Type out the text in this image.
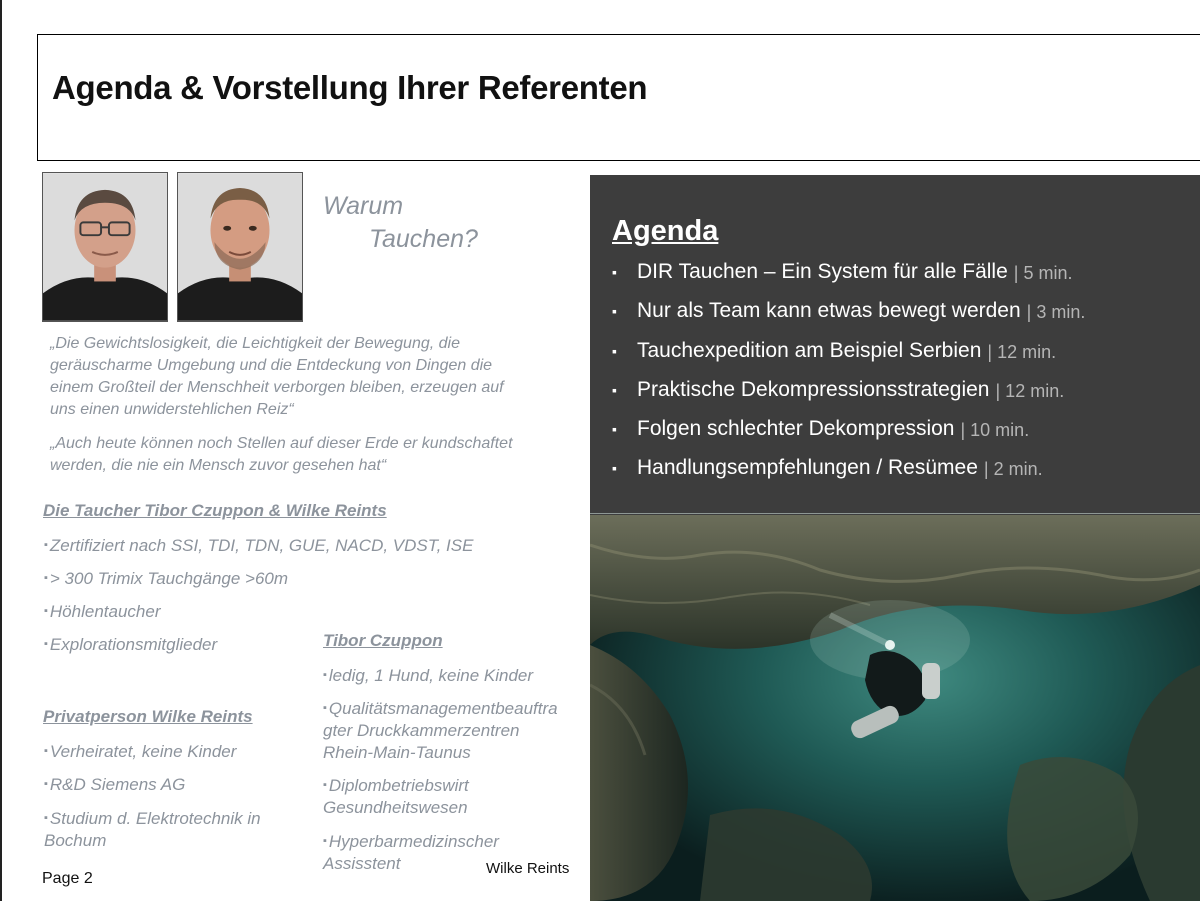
Agenda & Vorstellung Ihrer Referenten
Warum
Tauchen?
„Die Gewichtslosigkeit, die Leichtigkeit der Bewegung, die
geräuscharme Umgebung und die Entdeckung von Dingen die
einem Großteil der Menschheit verborgen bleiben, erzeugen auf
uns einen unwiderstehlichen Reiz“
„Auch heute können noch Stellen auf dieser Erde er kundschaftet
werden, die nie ein Mensch zuvor gesehen hat“
Die Taucher Tibor Czuppon & Wilke Reints
▪ Zertifiziert nach SSI, TDI, TDN, GUE, NACD, VDST, ISE
▪ > 300 Trimix Tauchgänge >60m
▪ Höhlentaucher
▪ Explorationsmitglieder
Privatperson Wilke Reints
▪ Verheiratet, keine Kinder
▪ R&D Siemens AG
▪ Studium d. Elektrotechnik in
Bochum
Tibor Czuppon
▪ ledig, 1 Hund, keine Kinder
▪ Qualitätsmanagementbeauftra
gter Druckkammerzentren
Rhein-Main-Taunus
▪ Diplombetriebswirt
Gesundheitswesen
▪ Hyperbarmedizinscher
Assisstent
Page 2
Wilke Reints
Agenda
▪ DIR Tauchen – Ein System für alle Fälle | 5 min.
▪ Nur als Team kann etwas bewegt werden | 3 min.
▪ Tauchexpedition am Beispiel Serbien | 12 min.
▪ Praktische Dekompressionsstrategien | 12 min.
▪ Folgen schlechter Dekompression | 10 min.
▪ Handlungsempfehlungen / Resümee | 2 min.
